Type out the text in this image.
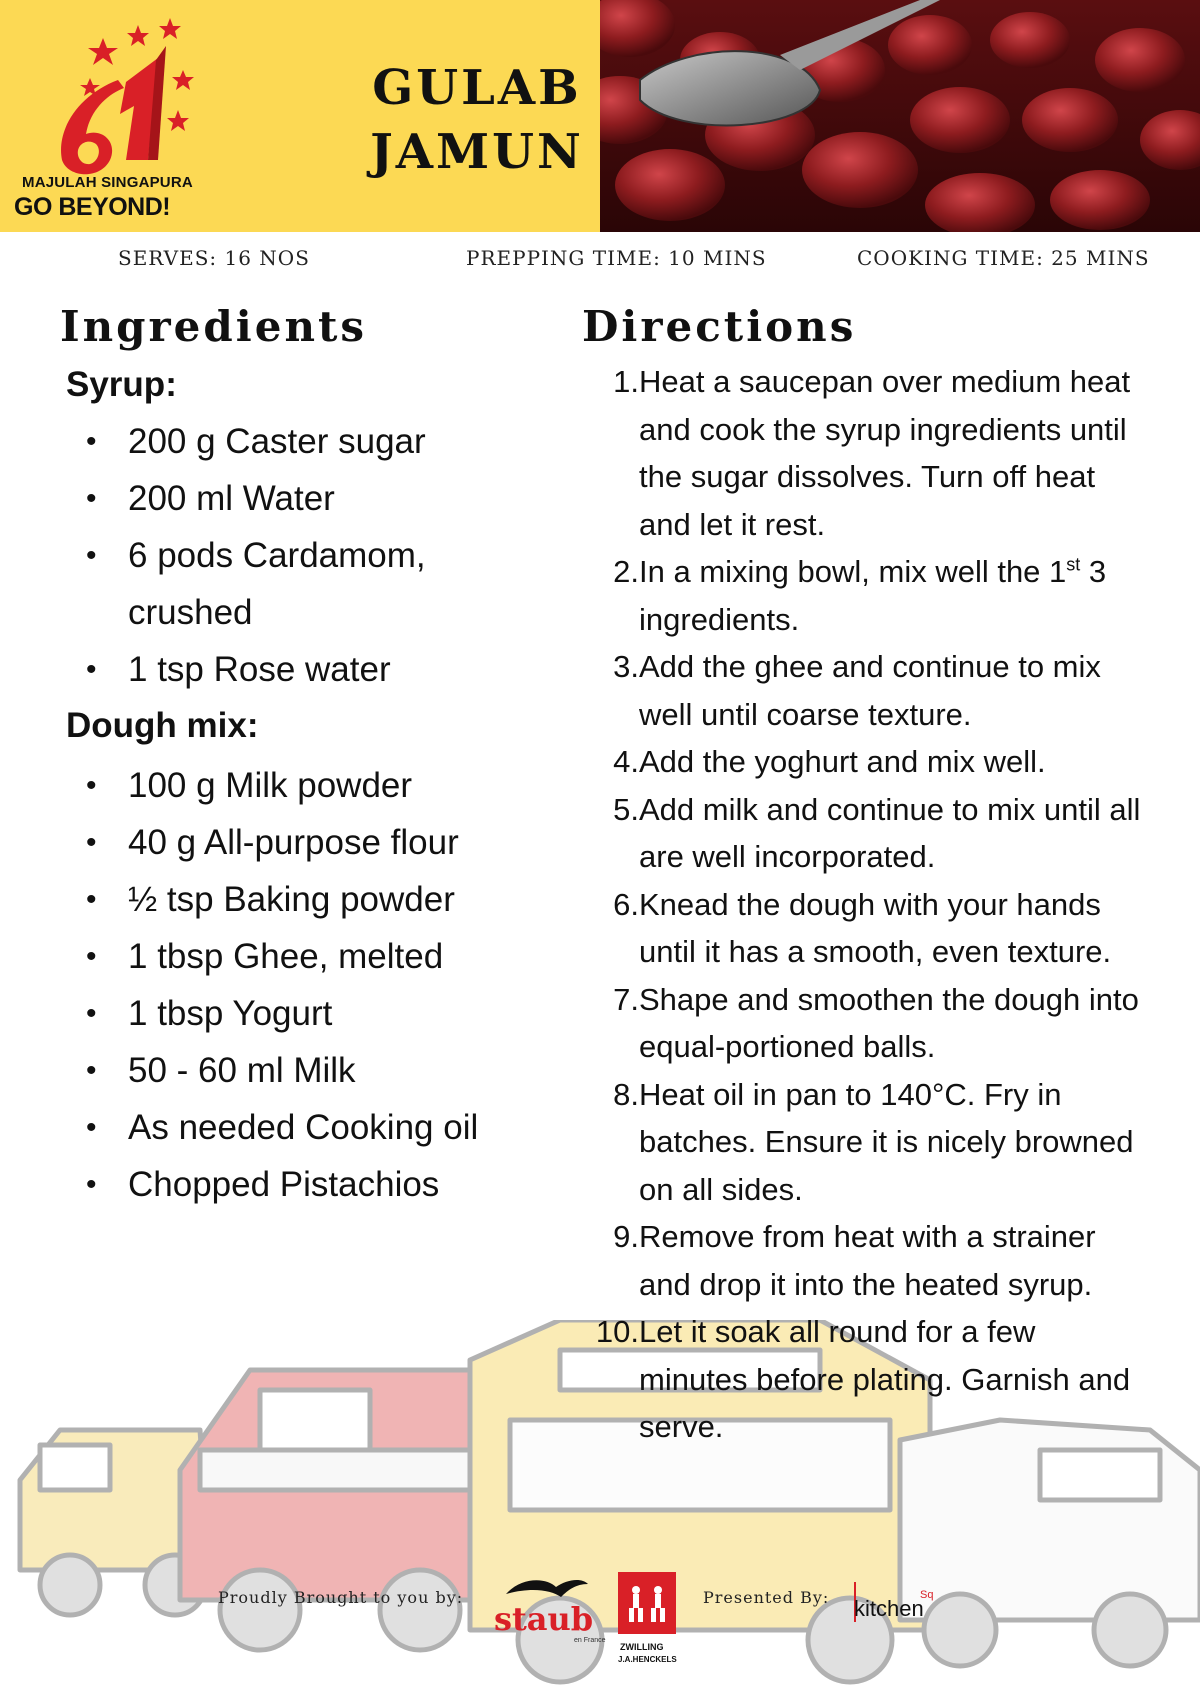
MAJULAH SINGAPURA
GO BEYOND!
GULAB
JAMUN
SERVES: 16 NOS	PREPPING TIME: 10 MINS	COOKING TIME: 25 MINS
Ingredients
Syrup:
• 200 g Caster sugar
• 200 ml Water
• 6 pods Cardamom, crushed
• 1 tsp Rose water
Dough mix:
• 100 g Milk powder
• 40 g All-purpose flour
• ½ tsp Baking powder
• 1 tbsp Ghee, melted
• 1 tbsp Yogurt
• 50 - 60 ml Milk
• As needed Cooking oil
• Chopped Pistachios
Directions
1. Heat a saucepan over medium heat and cook the syrup ingredients until the sugar dissolves. Turn off heat and let it rest.
2. In a mixing bowl, mix well the 1st 3 ingredients.
3. Add the ghee and continue to mix well until coarse texture.
4. Add the yoghurt and mix well.
5. Add milk and continue to mix until all are well incorporated.
6. Knead the dough with your hands until it has a smooth, even texture.
7. Shape and smoothen the dough into equal-portioned balls.
8. Heat oil in pan to 140°C. Fry in batches. Ensure it is nicely browned on all sides.
9. Remove from heat with a strainer and drop it into the heated syrup.
10. Let it soak all round for a few minutes before plating. Garnish and serve.
Proudly Brought to you by:	Presented By:
staub
en France
ZWILLING
J.A.HENCKELS
kitchen
Sq
